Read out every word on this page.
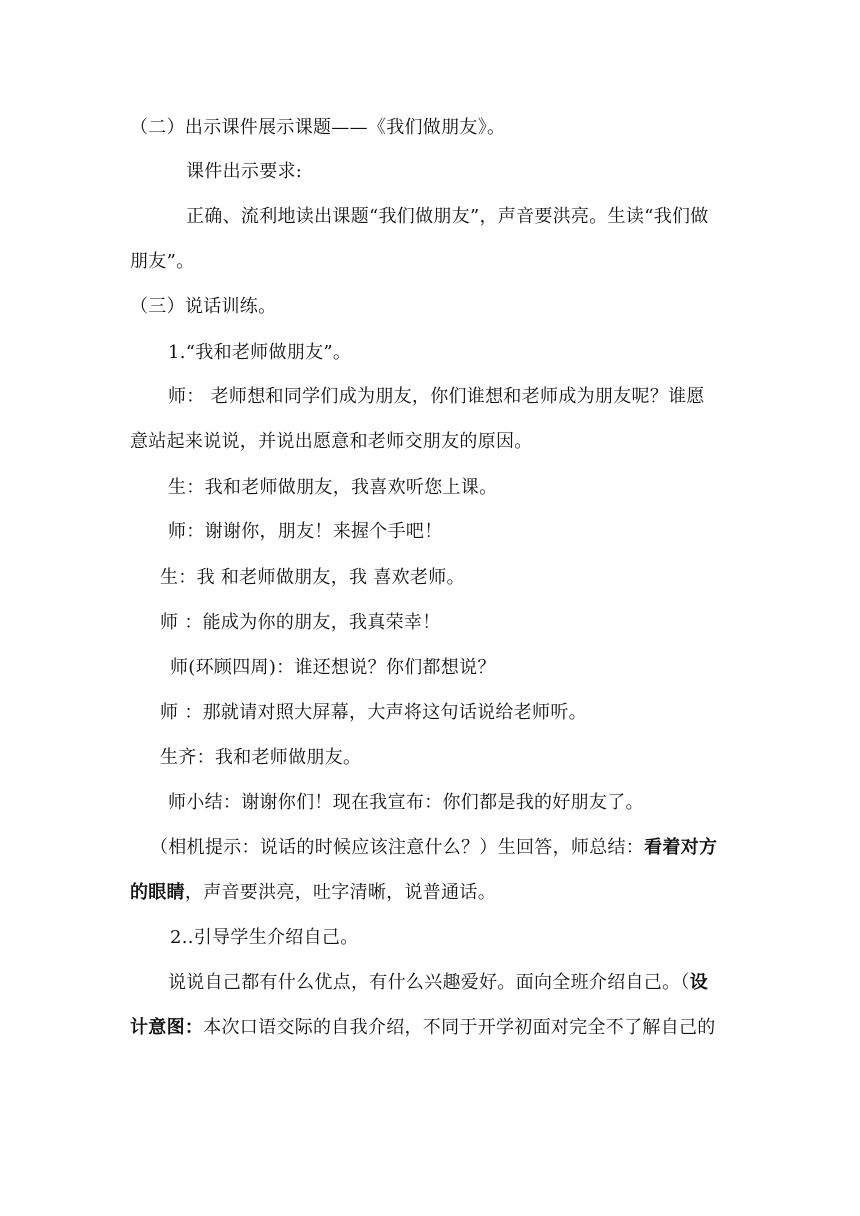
（二）出示课件展示课题——《我们做朋友》。
课件出示要求:
正确、流利地读出课题“我们做朋友”，声音要洪亮。生读“我们做
朋友”。
（三）说话训练。
1.“我和老师做朋友”。
师： 老师想和同学们成为朋友，你们谁想和老师成为朋友呢？谁愿
意站起来说说，并说出愿意和老师交朋友的原因。
生：我和老师做朋友，我喜欢听您上课。
师：谢谢你，朋友！来握个手吧！
生：我 和老师做朋友，我 喜欢老师。
师 ：能成为你的朋友，我真荣幸！
师(环顾四周)：谁还想说？你们都想说？
师 ：那就请对照大屏幕，大声将这句话说给老师听。
生齐：我和老师做朋友。
师小结：谢谢你们！现在我宣布：你们都是我的好朋友了。
（相机提示：说话的时候应该注意什么？）生回答，师总结：看着对方
的眼睛，声音要洪亮，吐字清晰，说普通话。
2..引导学生介绍自己。
说说自己都有什么优点，有什么兴趣爱好。面向全班介绍自己。（设
计意图：本次口语交际的自我介绍，不同于开学初面对完全不了解自己的
